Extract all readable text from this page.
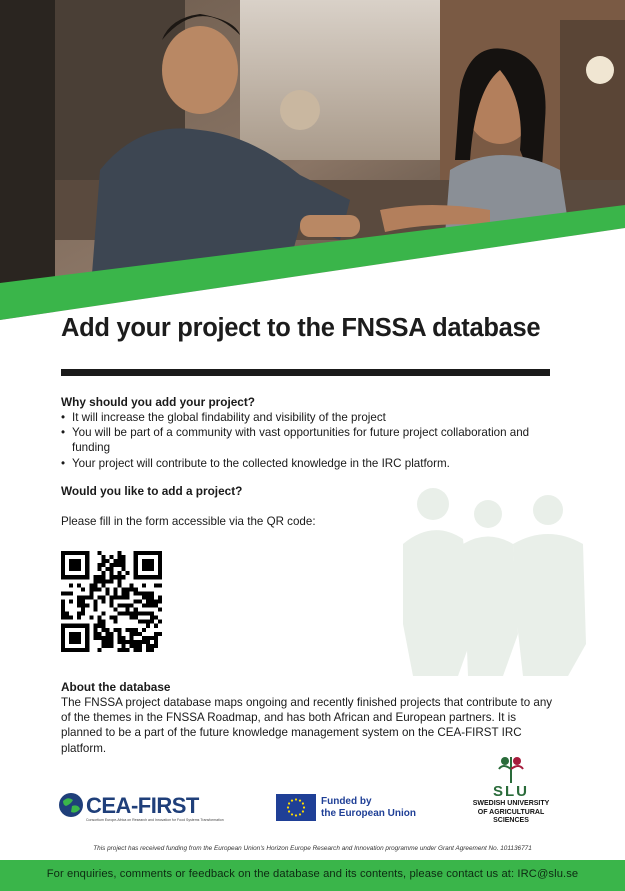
Add your project to the FNSSA database
Why should you add your project?
• It will increase the global findability and visibility of the project
• You will be part of a community with vast opportunities for future project collaboration and funding
• Your project will contribute to the collected knowledge in the IRC platform.
Would you like to add a project?

Please fill in the form accessible via the QR code:

About the database

The FNSSA project database maps ongoing and recently finished projects that contribute to any of the themes in the FNSSA Roadmap, and has both African and European partners. It is planned to be a part of the future knowledge management system on the CEA-FIRST IRC platform.

CEA-FIRST
Consortium Europe-Africa on Research and Innovation for Food Systems Transformation
Funded by
the European Union
SLU
SWEDISH UNIVERSITY
OF AGRICULTURAL
SCIENCES
This project has received funding from the European Union's Horizon Europe Research and Innovation programme under Grant Agreement No. 101136771
For enquiries, comments or feedback on the database and its contents, please contact us at: IRC@slu.se
